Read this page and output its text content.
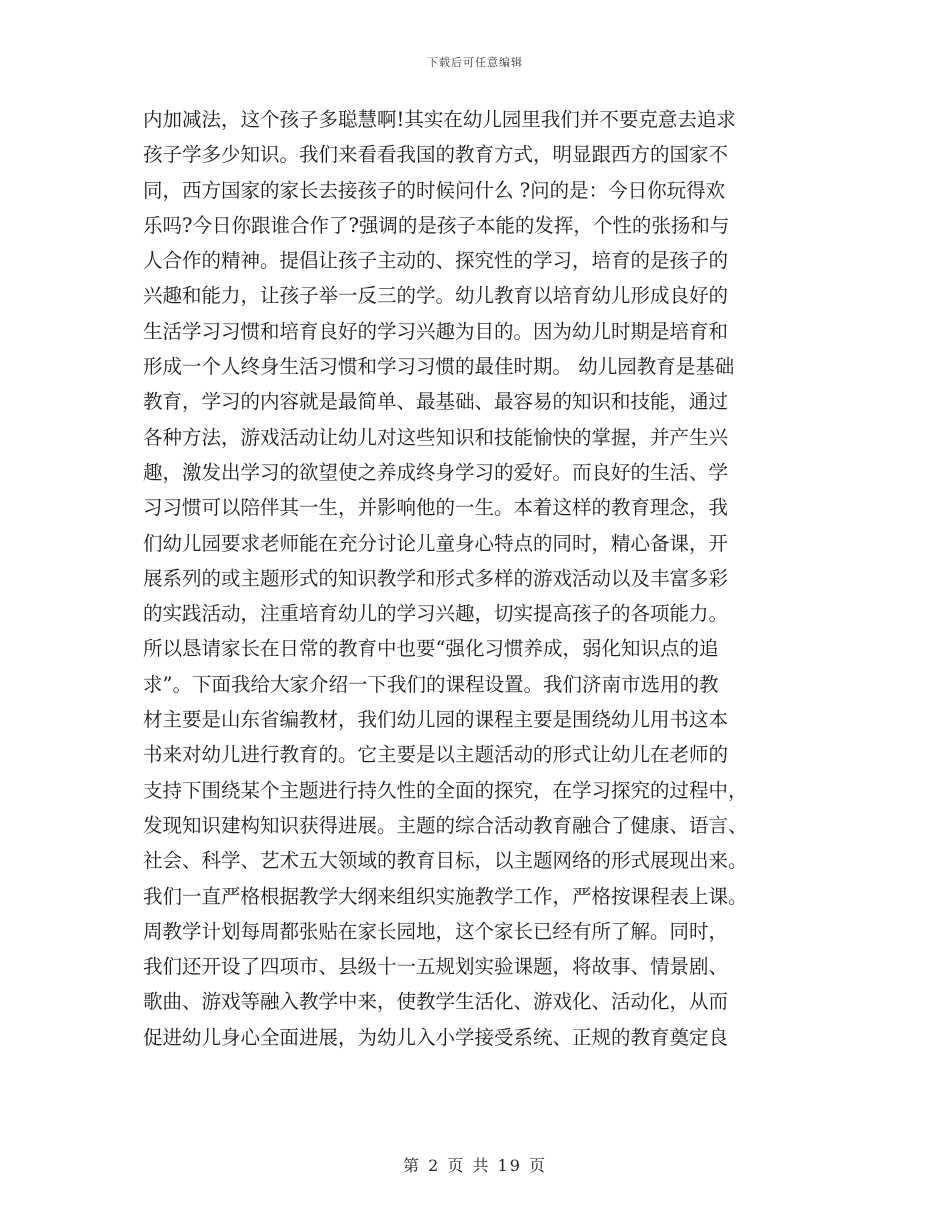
下载后可任意编辑
内加减法，这个孩子多聪慧啊!其实在幼儿园里我们并不要克意去追求
孩子学多少知识。我们来看看我国的教育方式，明显跟西方的国家不
同，西方国家的家长去接孩子的时候问什么 ?问的是：今日你玩得欢
乐吗?今日你跟谁合作了?强调的是孩子本能的发挥，个性的张扬和与
人合作的精神。提倡让孩子主动的、探究性的学习，培育的是孩子的
兴趣和能力，让孩子举一反三的学。幼儿教育以培育幼儿形成良好的
生活学习习惯和培育良好的学习兴趣为目的。因为幼儿时期是培育和
形成一个人终身生活习惯和学习习惯的最佳时期。 幼儿园教育是基础
教育，学习的内容就是最简单、最基础、最容易的知识和技能，通过
各种方法，游戏活动让幼儿对这些知识和技能愉快的掌握，并产生兴
趣，激发出学习的欲望使之养成终身学习的爱好。而良好的生活、学
习习惯可以陪伴其一生，并影响他的一生。本着这样的教育理念，我
们幼儿园要求老师能在充分讨论儿童身心特点的同时，精心备课，开
展系列的或主题形式的知识教学和形式多样的游戏活动以及丰富多彩
的实践活动，注重培育幼儿的学习兴趣，切实提高孩子的各项能力。
所以恳请家长在日常的教育中也要“强化习惯养成，弱化知识点的追
求”。下面我给大家介绍一下我们的课程设置。我们济南市选用的教
材主要是山东省编教材，我们幼儿园的课程主要是围绕幼儿用书这本
书来对幼儿进行教育的。它主要是以主题活动的形式让幼儿在老师的
支持下围绕某个主题进行持久性的全面的探究，在学习探究的过程中，
发现知识建构知识获得进展。主题的综合活动教育融合了健康、语言、
社会、科学、艺术五大领域的教育目标，以主题网络的形式展现出来。
我们一直严格根据教学大纲来组织实施教学工作，严格按课程表上课。
周教学计划每周都张贴在家长园地，这个家长已经有所了解。同时，
我们还开设了四项市、县级十一五规划实验课题，将故事、情景剧、
歌曲、游戏等融入教学中来，使教学生活化、游戏化、活动化，从而
促进幼儿身心全面进展，为幼儿入小学接受系统、正规的教育奠定良
第 2 页 共 19 页
